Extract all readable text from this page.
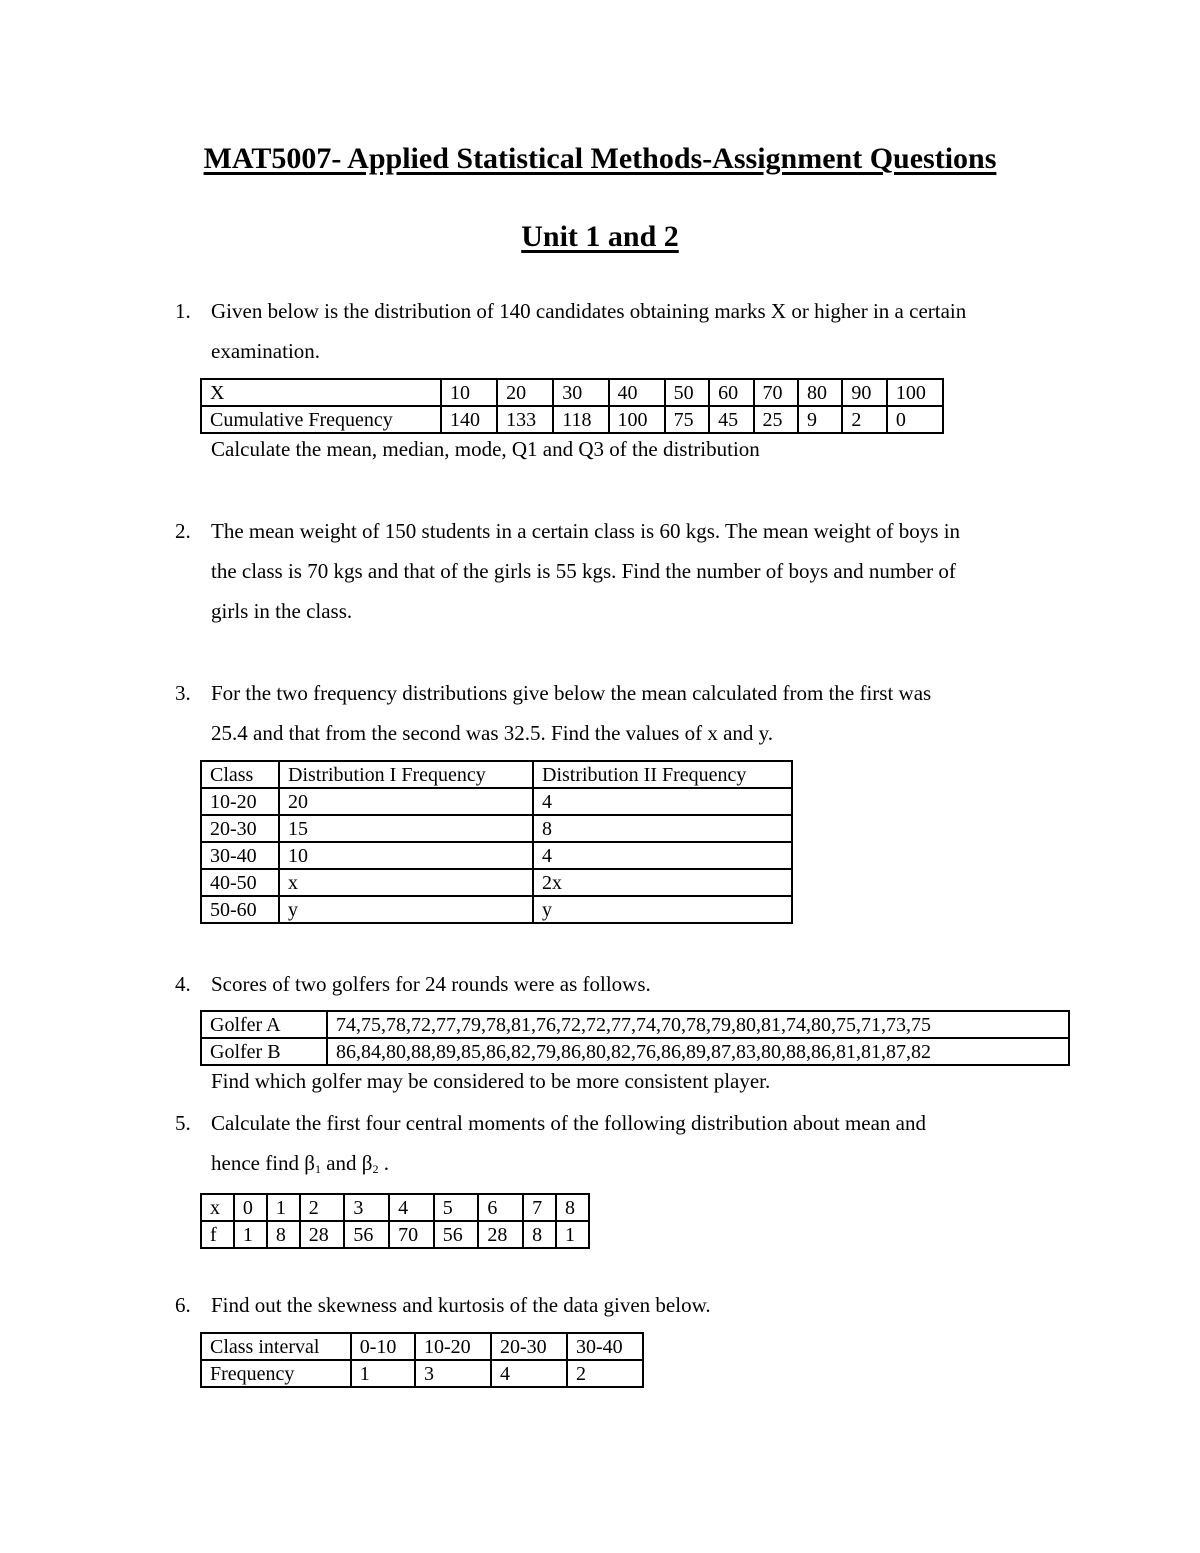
MAT5007- Applied Statistical Methods-Assignment Questions
Unit 1 and 2
1. Given below is the distribution of 140 candidates obtaining marks X or higher in a certain
examination.
X	10	20	30	40	50	60	70	80	90	100
Cumulative Frequency	140	133	118	100	75	45	25	9	2	0
Calculate the mean, median, mode, Q1 and Q3 of the distribution
2. The mean weight of 150 students in a certain class is 60 kgs. The mean weight of boys in
the class is 70 kgs and that of the girls is 55 kgs. Find the number of boys and number of
girls in the class.
3. For the two frequency distributions give below the mean calculated from the first was
25.4 and that from the second was 32.5. Find the values of x and y.
Class	Distribution I Frequency	Distribution II Frequency
10-20	20	4
20-30	15	8
30-40	10	4
40-50	x	2x
50-60	y	y
4. Scores of two golfers for 24 rounds were as follows.
Golfer A	74,75,78,72,77,79,78,81,76,72,72,77,74,70,78,79,80,81,74,80,75,71,73,75
Golfer B	86,84,80,88,89,85,86,82,79,86,80,82,76,86,89,87,83,80,88,86,81,81,87,82
Find which golfer may be considered to be more consistent player.
5. Calculate the first four central moments of the following distribution about mean and
hence find $\beta_1$ and $\beta_2$ .
x	0	1	2	3	4	5	6	7	8
f	1	8	28	56	70	56	28	8	1
6. Find out the skewness and kurtosis of the data given below.
Class interval	0-10	10-20	20-30	30-40
Frequency	1	3	4	2
